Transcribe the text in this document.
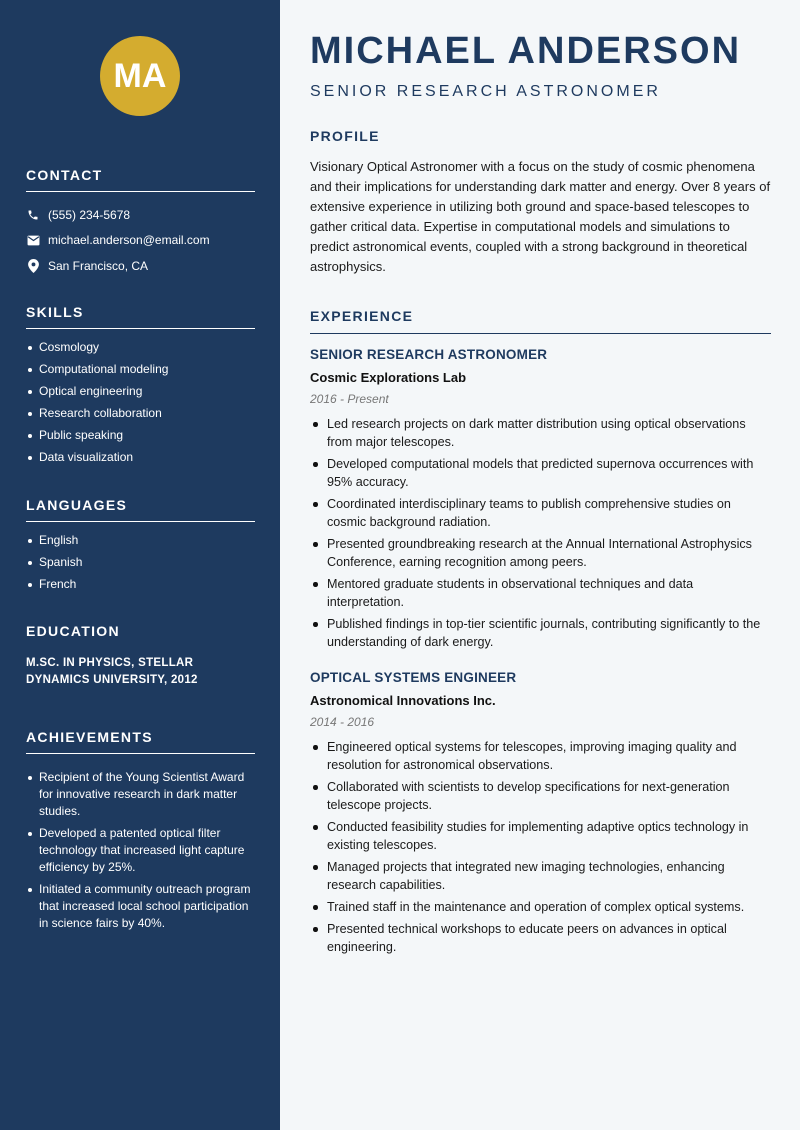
MA
CONTACT
(555) 234-5678
michael.anderson@email.com
San Francisco, CA
SKILLS
Cosmology
Computational modeling
Optical engineering
Research collaboration
Public speaking
Data visualization
LANGUAGES
English
Spanish
French
EDUCATION
M.SC. IN PHYSICS, STELLAR DYNAMICS UNIVERSITY, 2012
ACHIEVEMENTS
Recipient of the Young Scientist Award for innovative research in dark matter studies.
Developed a patented optical filter technology that increased light capture efficiency by 25%.
Initiated a community outreach program that increased local school participation in science fairs by 40%.
MICHAEL ANDERSON
SENIOR RESEARCH ASTRONOMER
PROFILE

Visionary Optical Astronomer with a focus on the study of cosmic phenomena and their implications for understanding dark matter and energy. Over 8 years of extensive experience in utilizing both ground and space-based telescopes to gather critical data. Expertise in computational models and simulations to predict astronomical events, coupled with a strong background in theoretical astrophysics.

EXPERIENCE
SENIOR RESEARCH ASTRONOMER
Cosmic Explorations Lab
2016 - Present
Led research projects on dark matter distribution using optical observations from major telescopes.
Developed computational models that predicted supernova occurrences with 95% accuracy.
Coordinated interdisciplinary teams to publish comprehensive studies on cosmic background radiation.
Presented groundbreaking research at the Annual International Astrophysics Conference, earning recognition among peers.
Mentored graduate students in observational techniques and data interpretation.
Published findings in top-tier scientific journals, contributing significantly to the understanding of dark energy.
OPTICAL SYSTEMS ENGINEER
Astronomical Innovations Inc.
2014 - 2016
Engineered optical systems for telescopes, improving imaging quality and resolution for astronomical observations.
Collaborated with scientists to develop specifications for next-generation telescope projects.
Conducted feasibility studies for implementing adaptive optics technology in existing telescopes.
Managed projects that integrated new imaging technologies, enhancing research capabilities.
Trained staff in the maintenance and operation of complex optical systems.
Presented technical workshops to educate peers on advances in optical engineering.
